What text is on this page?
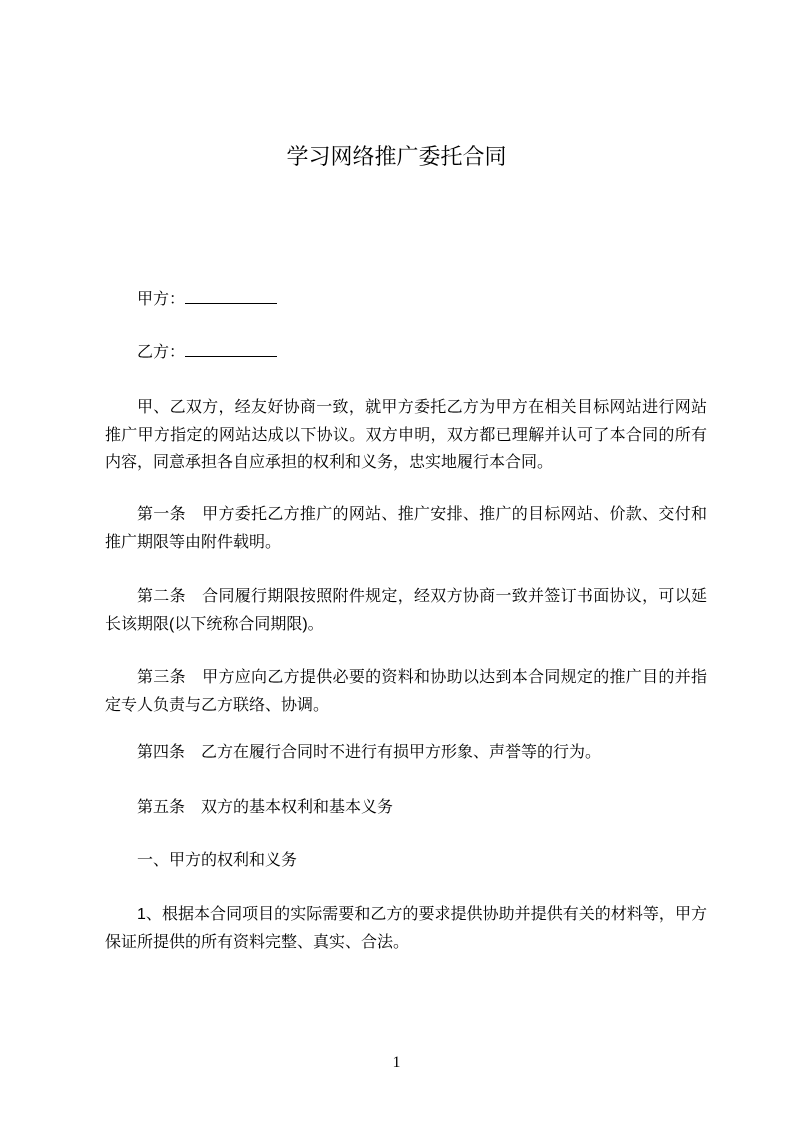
学习网络推广委托合同

甲方：

乙方：

甲、乙双方，经友好协商一致，就甲方委托乙方为甲方在相关目标网站进行网站推广甲方指定的网站达成以下协议。双方申明，双方都已理解并认可了本合同的所有内容，同意承担各自应承担的权利和义务，忠实地履行本合同。

第一条　甲方委托乙方推广的网站、推广安排、推广的目标网站、价款、交付和推广期限等由附件载明。

第二条　合同履行期限按照附件规定，经双方协商一致并签订书面协议，可以延长该期限(以下统称合同期限)。

第三条　甲方应向乙方提供必要的资料和协助以达到本合同规定的推广目的并指定专人负责与乙方联络、协调。

第四条　乙方在履行合同时不进行有损甲方形象、声誉等的行为。

第五条　双方的基本权利和基本义务

一、甲方的权利和义务

1、根据本合同项目的实际需要和乙方的要求提供协助并提供有关的材料等，甲方保证所提供的所有资料完整、真实、合法。

1
